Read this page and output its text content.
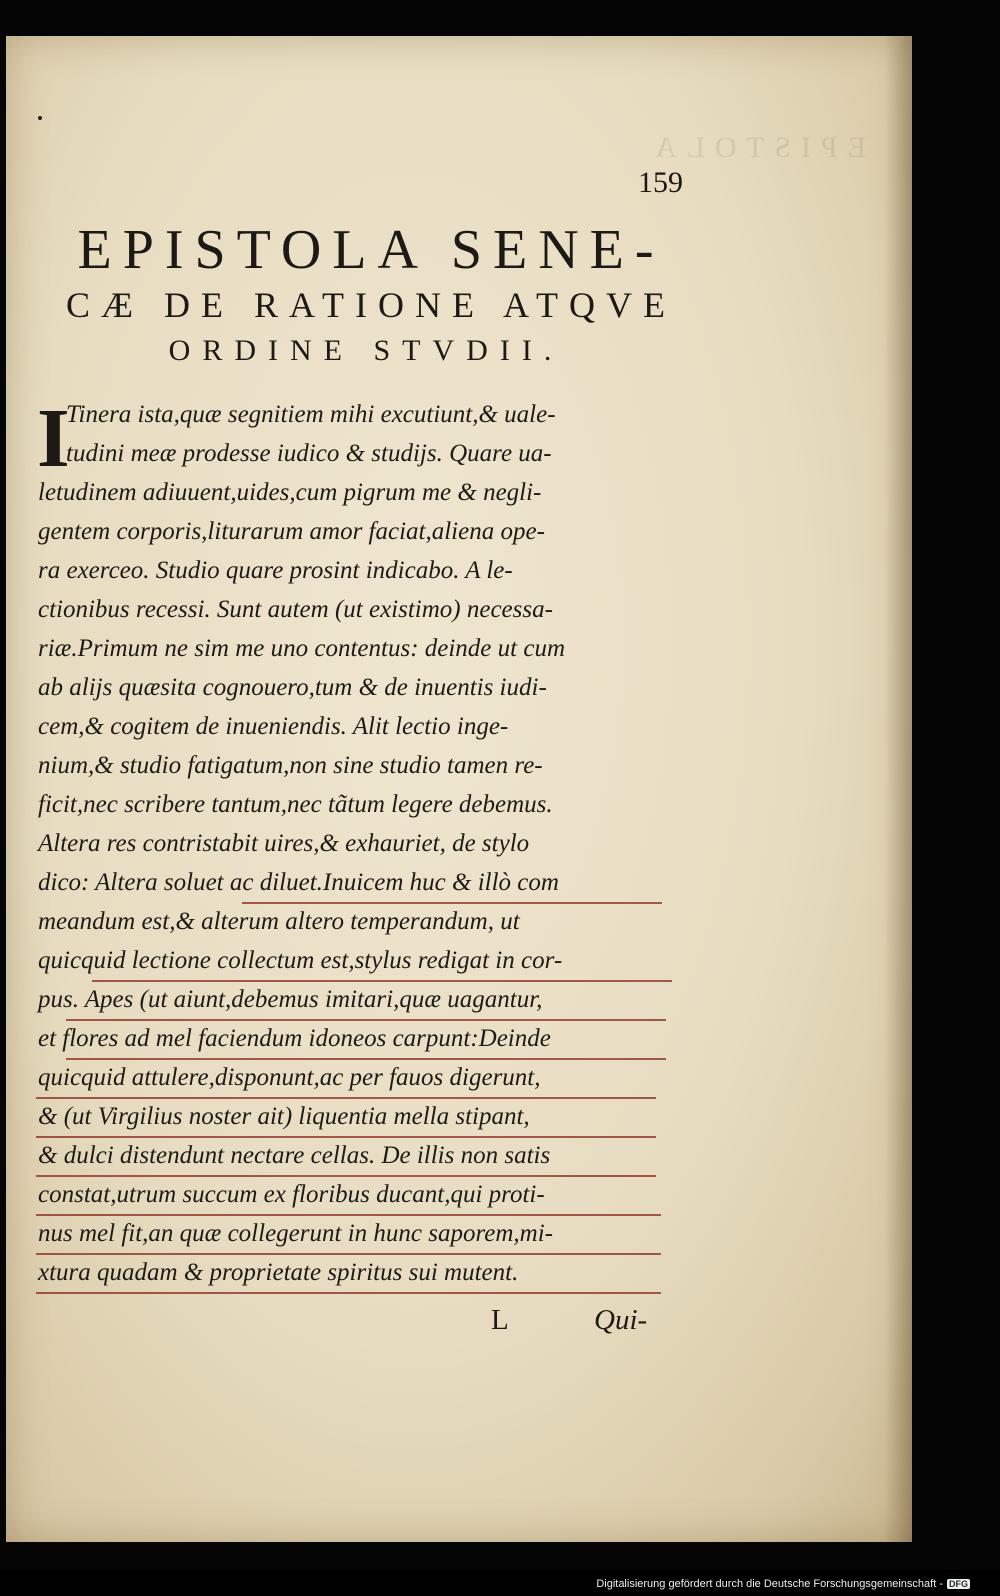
EPISTOLA
159
EPISTOLA SENE-
CÆ DE RATIONE ATQVE
ORDINE STVDII.
I
Tinera ista,quæ segnitiem mihi excutiunt,& uale-
tudini meæ prodesse iudico & studijs. Quare ua-
letudinem adiuuent,uides,cum pigrum me & negli-
gentem corporis,liturarum amor faciat,aliena ope-
ra exerceo. Studio quare prosint indicabo. A le-
ctionibus recessi. Sunt autem (ut existimo) necessa-
riæ.Primum ne sim me uno contentus: deinde ut cum
ab alijs quæsita cognouero,tum & de inuentis iudi-
cem,& cogitem de inueniendis. Alit lectio inge-
nium,& studio fatigatum,non sine studio tamen re-
ficit,nec scribere tantum,nec tãtum legere debemus.
Altera res contristabit uires,& exhauriet, de stylo
dico: Altera soluet ac diluet.Inuicem huc & illò com
meandum est,& alterum altero temperandum, ut
quicquid lectione collectum est,stylus redigat in cor-
pus. Apes (ut aiunt,debemus imitari,quæ uagantur,
et flores ad mel faciendum idoneos carpunt:Deinde
quicquid attulere,disponunt,ac per fauos digerunt,
& (ut Virgilius noster ait) liquentia mella stipant,
& dulci distendunt nectare cellas. De illis non satis
constat,utrum succum ex floribus ducant,qui proti-
nus mel fit,an quæ collegerunt in hunc saporem,mi-
xtura quadam & proprietate spiritus sui mutent.
L	Qui-
Digitalisierung gefördert durch die Deutsche Forschungsgemeinschaft - DFG
